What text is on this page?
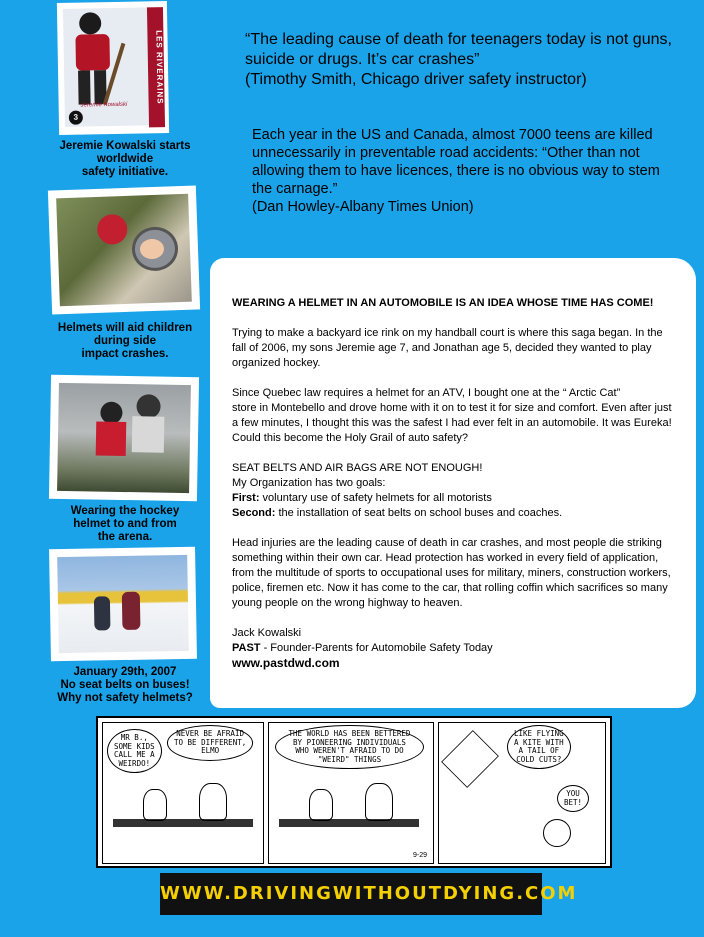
Jeremie Kowalski
3
LES RIVERAINS
Jeremie Kowalski starts
worldwide
safety initiative.
Helmets will aid children
during side
impact crashes.
Wearing the hockey
helmet to and from
the arena.
January 29th, 2007
No seat belts on buses!
Why not safety helmets?
“The leading cause of death for teenagers today is not guns,
suicide or drugs. It’s car crashes”
(Timothy Smith, Chicago driver safety instructor)
Each year in the US and Canada, almost 7000 teens are killed
unnecessarily in preventable road accidents: “Other than not
allowing them to have licences, there is no obvious way to stem
the carnage.”
(Dan Howley-Albany Times Union)

WEARING A HELMET IN AN AUTOMOBILE IS AN IDEA WHOSE TIME HAS COME!

Trying to make a backyard ice rink on my handball court is where this saga began. In the
fall of 2006, my sons Jeremie age 7, and Jonathan age 5, decided they wanted to play
organized hockey.

Since Quebec law requires a helmet for an ATV, I bought one at the “ Arctic Cat”
store in Montebello and drove home with it on to test it for size and comfort. Even after just
a few minutes, I thought this was the safest I had ever felt in an automobile. It was Eureka!
Could this become the Holy Grail of auto safety?

SEAT BELTS AND AIR BAGS ARE NOT ENOUGH!
My Organization has two goals:
First: voluntary use of safety helmets for all motorists
Second: the installation of seat belts on school buses and coaches.

Head injuries are the leading cause of death in car crashes, and most people die striking
something within their own car. Head protection has worked in every field of application,
from the multitude of sports to occupational uses for military, miners, construction workers,
police, firemen etc. Now it has come to the car, that rolling coffin which sacrifices so many
young people on the wrong highway to heaven.

Jack Kowalski
PAST - Founder-Parents for Automobile Safety Today
www.pastdwd.com
MR B.,
SOME KIDS
CALL ME A
WEIRDO!
NEVER BE AFRAID
TO BE DIFFERENT,
ELMO
THE WORLD HAS BEEN BETTERED
BY PIONEERING INDIVIDUALS
WHO WEREN'T AFRAID TO DO
"WEIRD" THINGS
9-29
LIKE FLYING
A KITE WITH
A TAIL OF
COLD CUTS?
YOU
BET!
WWW.DRIVINGWITHOUTDYING.COM
